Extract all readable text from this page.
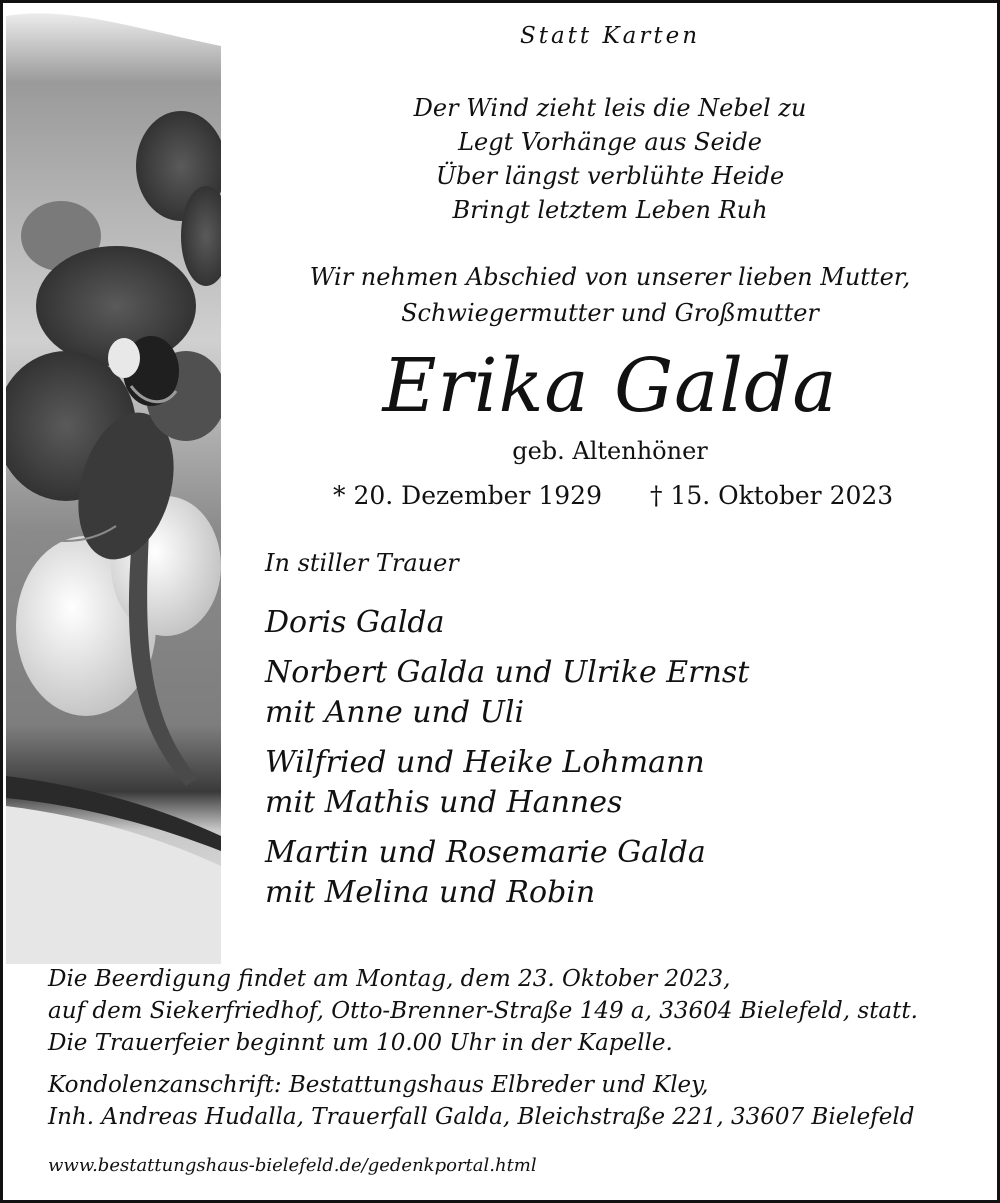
Statt Karten
Der Wind zieht leis die Nebel zu
Legt Vorhänge aus Seide
Über längst verblühte Heide
Bringt letztem Leben Ruh
Wir nehmen Abschied von unserer lieben Mutter,
Schwiegermutter und Großmutter
Erika Galda
geb. Altenhöner
* 20. Dezember 1929 † 15. Oktober 2023
In stiller Trauer
Doris Galda
Norbert Galda und Ulrike Ernst
mit Anne und Uli
Wilfried und Heike Lohmann
mit Mathis und Hannes
Martin und Rosemarie Galda
mit Melina und Robin
Die Beerdigung findet am Montag, dem 23. Oktober 2023,
auf dem Siekerfriedhof, Otto-Brenner-Straße 149 a, 33604 Bielefeld, statt.
Die Trauerfeier beginnt um 10.00 Uhr in der Kapelle.
Kondolenzanschrift: Bestattungshaus Elbreder und Kley,
Inh. Andreas Hudalla, Trauerfall Galda, Bleichstraße 221, 33607 Bielefeld
www.bestattungshaus-bielefeld.de/gedenkportal.html
